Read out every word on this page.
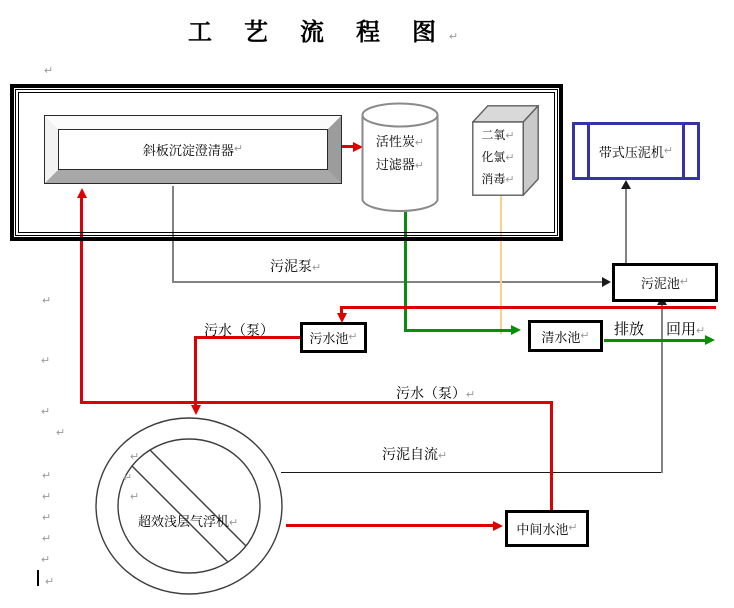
工 艺 流 程 图↵
斜板沉淀澄清器 ↵	活性炭↵
过滤器↵
二氧↵
化氯↵
消毒↵
带式压泥机 ↵
污泥池 ↵
污水池 ↵	清水池 ↵
中间水池 ↵
超效浅层气浮机↵
污泥泵↵
污水（泵）	排放 回用↵
污水（泵）↵
污泥自流↵
↵
↵
↵
↵
↵
↵
↵
↵
↵
↵
↵
↵
↵
↵
